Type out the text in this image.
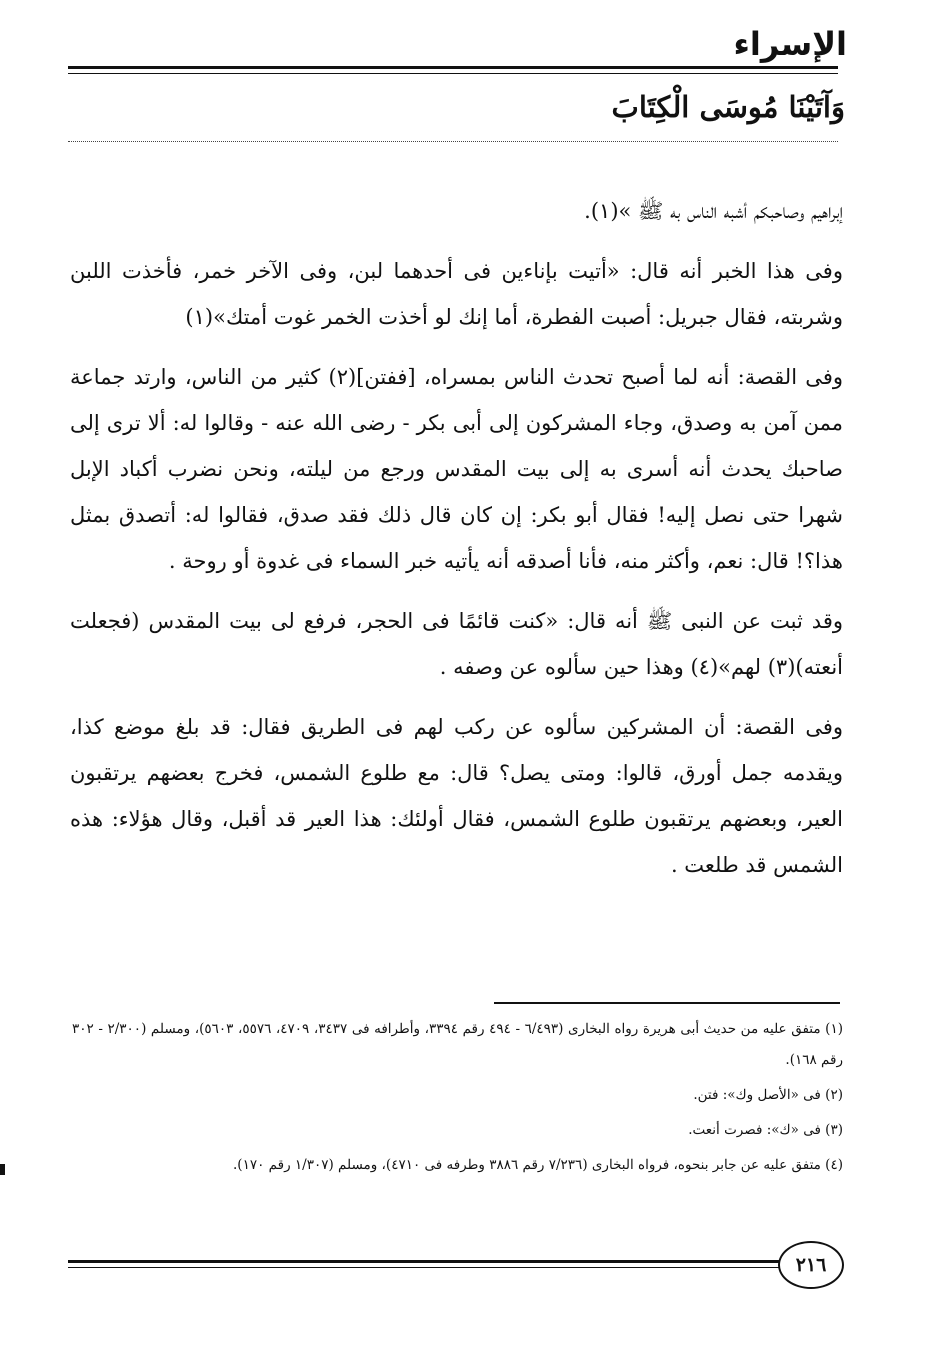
الإسراء
وَآتَيْنَا مُوسَى الْكِتَابَ

إبراهيم وصاحبكم أشبه الناس به ﷺ »(١).

وفى هذا الخبر أنه قال: «أتيت بإناءين فى أحدهما لبن، وفى الآخر خمر، فأخذت اللبن وشربته، فقال جبريل: أصبت الفطرة، أما إنك لو أخذت الخمر غوت أمتك»(١)

وفى القصة: أنه لما أصبح تحدث الناس بمسراه، [ففتن](٢) كثير من الناس، وارتد جماعة ممن آمن به وصدق، وجاء المشركون إلى أبى بكر - رضى الله عنه - وقالوا له: ألا ترى إلى صاحبك يحدث أنه أسرى به إلى بيت المقدس ورجع من ليلته، ونحن نضرب أكباد الإبل شهرا حتى نصل إليه! فقال أبو بكر: إن كان قال ذلك فقد صدق، فقالوا له: أتصدق بمثل هذا؟! قال: نعم، وأكثر منه، فأنا أصدقه أنه يأتيه خبر السماء فى غدوة أو روحة .

وقد ثبت عن النبى ﷺ أنه قال: «كنت قائمًا فى الحجر، فرفع لى بيت المقدس (فجعلت أنعته)(٣) لهم»(٤) وهذا حين سألوه عن وصفه .

وفى القصة: أن المشركين سألوه عن ركب لهم فى الطريق فقال: قد بلغ موضع كذا، ويقدمه جمل أورق، قالوا: ومتى يصل؟ قال: مع طلوع الشمس، فخرج بعضهم يرتقبون العير، وبعضهم يرتقبون طلوع الشمس، فقال أولئك: هذا العير قد أقبل، وقال هؤلاء: هذه الشمس قد طلعت .

(١) متفق عليه من حديث أبى هريرة رواه البخارى (٦/٤٩٣ - ٤٩٤ رقم ٣٣٩٤، وأطرافه فى ٣٤٣٧، ٤٧٠٩، ٥٥٧٦، ٥٦٠٣)، ومسلم (٢/٣٠٠ - ٣٠٢ رقم ١٦٨).

(٢) فى «الأصل وك»: فتن.

(٣) فى «ك»: فصرت أنعت.

(٤) متفق عليه عن جابر بنحوه، فرواه البخارى (٧/٢٣٦ رقم ٣٨٨٦ وطرفه فى ٤٧١٠)، ومسلم (١/٣٠٧ رقم ١٧٠).

٢١٦
